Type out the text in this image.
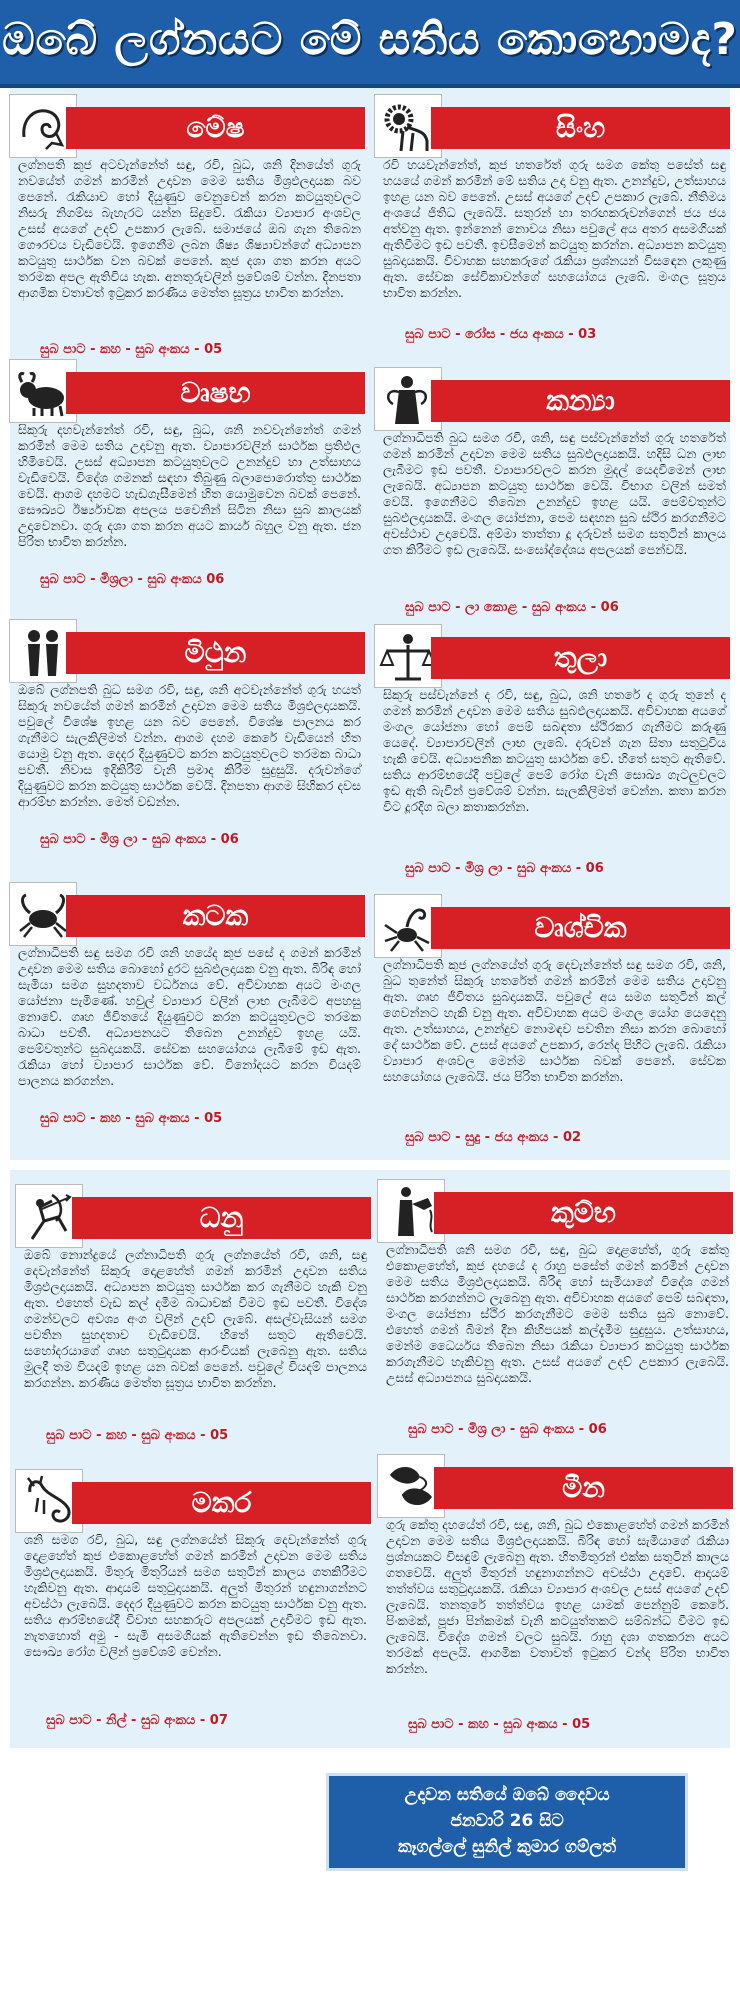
ඔබේ ලග්නයට මේ සතිය කොහොමද?
මේෂ
ලග්නපති කුජ අටවැන්නේත් සඳු, රවි, බුධ, ශනි දිනයේත් ගුරු නවයේත් ගමන් කරමින් උදාවන මෙම සතිය මිශ්‍රඵලදායක බව පෙනේ. රැකියාව හෝ දියුණුව වෙනුවෙන් කරන කටයුතුවලට නිසරු නිගම්ස බැහැරට යන්න සිදුවේ. රැකියා ව්‍යාපාර අංශවල උසස් අයගේ උදව් උපකාර ලැබේ. සමාජයේ ඔබ ගැන තිබෙන ගෞරවය වැඩිවෙයි. ඉගෙනීම ලබන ශිෂ්‍ය ශිෂ්‍යාවන්ගේ අධ්‍යාපන කටයුතු සාර්ථක වන බවක් පෙනේ. කුජ දශා ගත කරන අයට තරමක අපල ඇතිවිය හැක. අනතුරුවලින් ප්‍රවේශම් වන්න. දිනපතා ආගමික වතාවත් ඉටුකර කරණීය මෙත්ත සූත්‍රය භාවිත කරන්න.
සුබ පාට - කහ - සුබ අංකය - 05
වෘෂභ
සිකුරු දහවැන්නේත් රවි, සඳු, බුධ, ශනි නවවැන්නේත් ගමන් කරමින් මෙම සතිය උදාවනු ඇත. ව්‍යාපාරවලින් සාර්ථක ප්‍රතිඵල හිමිවෙයි. උසස් අධ්‍යාපන කටයුතුවලට උනන්දුව හා උත්සාහය වැඩිවෙයි. විදේශ ගමනක් සඳහා තිබුණු බලාපොරොත්තු සාර්ථක වෙයි. ආගම දහමට හැඩගැසීමෙන් හිත යොමුවෙන බවක් පෙනේ. සෞඛ්‍යට ඊර්ෂ්‍යාවක අපලය පවෙනින් සිටින නිසා සුබ කාලයක් උදාවෙනවා. ගුරු දශා ගත කරන අයට කාර්ය බහුල වනු ඇත. ජන පිරිත භාවිත කරන්න.
සුබ පාට - මිශ්‍රලා - සුබ අංකය 06
මිථුන
ඔබේ ලග්නපති බුධ සමග රවි, සඳු, ශනි අටවැන්නේත් ගුරු හයත් සිකුරු නවයේත් ගමන් කරමින් උදාවන මෙම සතිය මිශ්‍රඵලදායකයි. පවුලේ විශේෂ ඉහළ යන බව පෙනේ. විශේෂ පාලනය කර ගැනීමට සැලකිලිමත් වන්න. ආගම දහම කෙරේ වැඩියෙන් හිත යොමු වනු ඇත. දෙදර දියුණුවට කරන කටයුතුවලට තරමක බාධා පවතී. නිවාස ඉදිකිරීම් වැනි ප්‍රමාද කිරීම සුදුසුයි. දරුවන්ගේ දියුණුවට කරන කටයුතු සාර්ථක වෙයි. දිනපතා ආගම සිහිකර දවස ආරම්භ කරන්න. මෙත් වඩන්න.
සුබ පාට - මිශ්‍ර ලා - සුබ අංකය - 06
කටක
ලග්නාධිපති සඳු සමග රවි ශනි හයේද කුජ පසේ ද ගමන් කරමින් උදාවන මෙම සතිය බොහෝ දුරට සුබඵලදායක වනු ඇත. බිරිඳ හෝ සැමියා සමග සුහදතාව වර්ධනය වේ. අවිවාහක අයට මංගල යෝජනා පැමිණේ. හවුල් ව්‍යාපාර වලින් ලාභ ලැබීමට අපහසු නොවේ. ගෘහ ජීවිතයේ දියුණුවට කරන කටයුතුවලට තරමක බාධා පවතී. අධ්‍යාපනයට තිබෙන උනන්දුව ඉහළ යයි. පෙම්වතුන්ට සුබදායකයි. සේවක සහයෝගය ලැබීමේ ඉඩ ඇත. රැකියා හෝ ව්‍යාපාර සාර්ථක වේ. විනෝදයට කරන විය‍දම් පාලනය කරගන්න.
සුබ පාට - කහ - සුබ අංකය - 05
ධනු
ඔබේ නොන්ද්‍රයේ ලග්නාධිපති ගුරු ලග්නයේත් රවි, ශනි, සඳු දෙවැන්නේත් සිකුරු දොළහේත් ගමන් කරමින් උදාවන සතිය මිශ්‍රඵලදායකයි. අධ්‍යාපන කටයුතු සාර්ථක කර ගැනීමට හැකි වනු ඇත. එහෙත් වැඩ කල් දමීම බාධාවක් වීමට ඉඩ පවතී. විදේශ ගමන්වලට අවශ්‍ය අංග වලින් උදව් ලැබේ. අසල්වැසියන් සමග පවතින සුහදතාව වැඩිවෙයි. හිතේ සතුට ඇතිවෙයි. සහෝදරයාගේ ගෘහ සතුටුදායක ආරංචියක් ලැබෙනු ඇත. සතිය මුලදී තම විය‍දම් ඉහළ යන බවක් පෙනේ. පවුලේ විය‍දම් පාලනය කරගන්න. කරණීය මෙත්ත සූත්‍රය භාවිත කරන්න.
සුබ පාට - කහ - සුබ අංකය - 05
මකර
ශනි සමග රවි, බුධ, සඳු ලග්නයේත් සිකුරු දෙවැන්නේත් ගුරු දොළහේත් කුජ එකොළහේත් ගමන් කරමින් උදාවන මෙම සතිය මිශ්‍රඵලදායකයි. මිතුරු මිතුරියන් සමග සතුටින් කාලය ගතකිරීමට හැකිවනු ඇත. ආදායම් සතුටුදායකයි. අලුත් මිතුරන් හඳුනාගන්නට අවස්ථා ලැබෙයි. දෙදර දියුණුවට කරන කටයුතු සාර්ථක වනු ඇත. සතිය ආරම්භයේදී විවාහ සහකරුට අපලයක් උදාවීමට ඉඩ ඇත. නැතහොත් අමු - සැමි අසමගියක් ඇතිවෙන්න ඉඩ තිබෙනවා. සෞඛ්‍ය රෝග වලින් ප්‍රවේශම් වෙන්න.
සුබ පාට - නිල් - සුබ අංකය - 07
සිංහ
රවි හයවැන්නේත්, කුජ හතරේත් ගුරු සමග කේතු පසේත් සඳු හයයේ ගමන් කරමින් මේ සතිය උදා වනු ඇත. උනන්දුව, උත්සාහය ඉහළ යන බව පෙනේ. උසස් අයගේ උදව් උපකාර ලැබේ. නීතිමය අංශයේ ජිතිධ ලැබෙයි. සතුරන් හා තරඟකරුවන්ගෙන් ජය ජය අත්වනු ඇත. ඉන්නෙන් නොවය නිසා පවුලේ අය අතර අසමගියක් ඇතිවීමට ඉඩ පවතී. ඉවසීමෙන් කටයුතු කරන්න. අධ්‍යාපන කටයුතු සුබදායකයි. විවාහක සහකරුගේ රැකියා ප්‍රශ්නයන් විසඳෙන ලකුණු ඇත. සේවක සේවිකාවන්ගේ සහයෝගය ලැබේ. මංගල සූත්‍රය භාවිත කරන්න.
සුබ පාට - රෝස - ජය අංකය - 03
කන්‍යා
ලග්නාධිපති බුධ සමග රවි, ශනි, සඳු පස්වැන්නේත් ගුරු හතරේත් ගමන් කරමින් උදාවන මෙම සතිය සුබඵලදායකයි. හදිසි ධන ලාභ ලැබීමට ඉඩ පවතී. ව්‍යාපාරවලට කරන මුදල් යෙදවීමෙන් ලාභ ලැබෙයි. අධ්‍යාපන කටයුතු සාර්ථක වෙයි. විභාග වලින් සමත් වෙයි. ඉගෙනීමට තිබෙන උනන්දුව ඉහළ යයි. පෙම්වතුන්ට සුබඵලදායකයි. මංගල යෝජනා, පෙම සඳහන සුබ ස්ථිර කරගනීමට අවස්ථාව උදාවෙයි. අම්මා තාත්තා දූ දරුවන් සමග සතුටින් කාලය ගත කිරීමට ඉඩ ලැබෙයි. සංඝෝද්දේශය අපලයක් පෙන්වයි.
සුබ පාට - ලා කොළ - සුබ අංකය - 06
තුලා
සිකුරු පස්වැන්නේ ද රවි, සඳු, බුධ, ශනි හතරේ ද ගුරු තුනේ ද ගමන් කරමින් උදාවන මෙම සතිය සුබඵලදායකයි. අවිවාහක අයගේ මංගල යෝජනා හෝ පෙම් සබඳතා ස්ථිරකර ගැනීමට කරුණු යෙදේ. ව්‍යාපාරවලින් ලාභ ලැබේ. දරුවන් ගැන සිතා සතුටුවිය හැකි වෙයි. අධ්‍යාපනික කටයුතු සාර්ථක වේ. හිතේ සතුට ඇතිවේ. සතිය ආරම්භයේදී පවුලේ පෙම් රෝග වැනි සොඛ්‍ය ගැටලුවලට ඉඩ ඇති බැවින් ප්‍රවේශම් වන්න. සැලකිලිමත් වෙන්න. කතා කරන විට දූරදිග බලා කතාකරන්න.
සුබ පාට - මිශ්‍ර ලා - සුබ අංකය - 06
වෘශ්චික
ලග්නාධිපති කුජ ලග්නයේත් ගුරු දෙවැන්නේත් සඳු සමග රවි, ශනි, බුධ තුනේත් සිකුරු හතරේත් ගමන් කරමින් මෙම සතිය උදාවනු ඇත. ගෘහ ජීවිතය සුබදායකයි. පවුලේ අය සමග සතුටින් කල් ගෙවන්නට හැකි වනු ඇත. අවිවාහක අයට මංගල යෝග යෙදෙනු ඇත. උත්සාහය, උනන්දුව නොමඳව පවතින නිසා කරන බොහෝ දේ සාර්ථක වේ. උසස් අයගේ උපකාර, රෙන්ද පිහිට ලැබේ. රැකියා ව්‍යාපාර අංශවල මෙන්ම සාර්ථක බවක් පෙනේ. සේවක සහයෝගය ලැබෙයි. ජය පිරිත භාවිත කරන්න.
සුබ පාට - සුදු - ජය අංකය - 02
කුම්භ
ලග්නාධිපති ශනි සමග රවි, සඳු, බුධ දොළහේත්, ගුරු කේතු එකොළහේත්, කුජ දහයේ ද රාහු පසේත් ගමන් කරමින් උදාවන මෙම සතිය මිශ්‍රඵලදායකයි. බිරිඳ හෝ සැමියාගේ විදේශ ගමන් සාර්ථක කරගන්නට ලැබෙනු ඇත. අවිවාහක අයගේ පෙම් සබඳතා, මංගල යෝජනා ස්ථිර කරගැනීමට මෙම සතිය සුබ නොවේ. එහෙත් ගමන් බිමන් දීන කිහිපයක් කල්දැමීම සුදුසුය. උත්සාහය, මෙන්ම ධෛර්යය තිබෙන නිසා රැකියා ව්‍යාපාර කටයුතු සාර්ථක කරගැනීමට හැකිවනු ඇත. උසස් අයගේ උදව් උපකාර ලැබෙයි. උසස් අධ්‍යාපනය සුබදායකයි.
සුබ පාට - මිශ්‍ර ලා - සුබ අංකය - 06
මීන
ගුරු කේතු දහයේත් රවි, සඳු, ශනි, බුධ එකොළහේත් ගමන් කරමින් උදාවන මෙම සතිය මිශ්‍රඵලදායකයි. බිරිඳ හෝ සැමියාගේ රැකියා ප්‍රශ්නයකට විසඳුම් ලැබෙනු ඇත. හිතමිතුරන් එක්ක සතුටින් කාලය ගතවෙයි. අලුත් මිතුරන් හඳුනාගන්නට අවස්ථා උදාවේ. ආදායම් තත්ත්වය සතුටුදායකයි. රැකියා ව්‍යාපාර අංශවල උසස් අයගේ උදව් ලැබෙයි. තනතුරේ තත්ත්වය ඉහළ යාමක් පෙන්නුම් කෙරේ. පිංකමක්, පූජා පින්කමක් වැනි කටයුත්තකට සම්බන්ධ වීමට ඉඩ ලැබෙයි. විදේශ ගමන් වලට සුබයි. රාහු දශා ගතකරන අයට තරමක් අපලයි. ආගමික වතාවත් ඉටුකර චන්ද පිරිත භාවිත කරන්න.
සුබ පාට - කහ - සුබ අංකය - 05
උදාවන සතියේ ඔබේ දෛවය
ජනවාරි 26 සිට
කෑගල්ලේ සුනිල් කුමාර ගම්ලත්
